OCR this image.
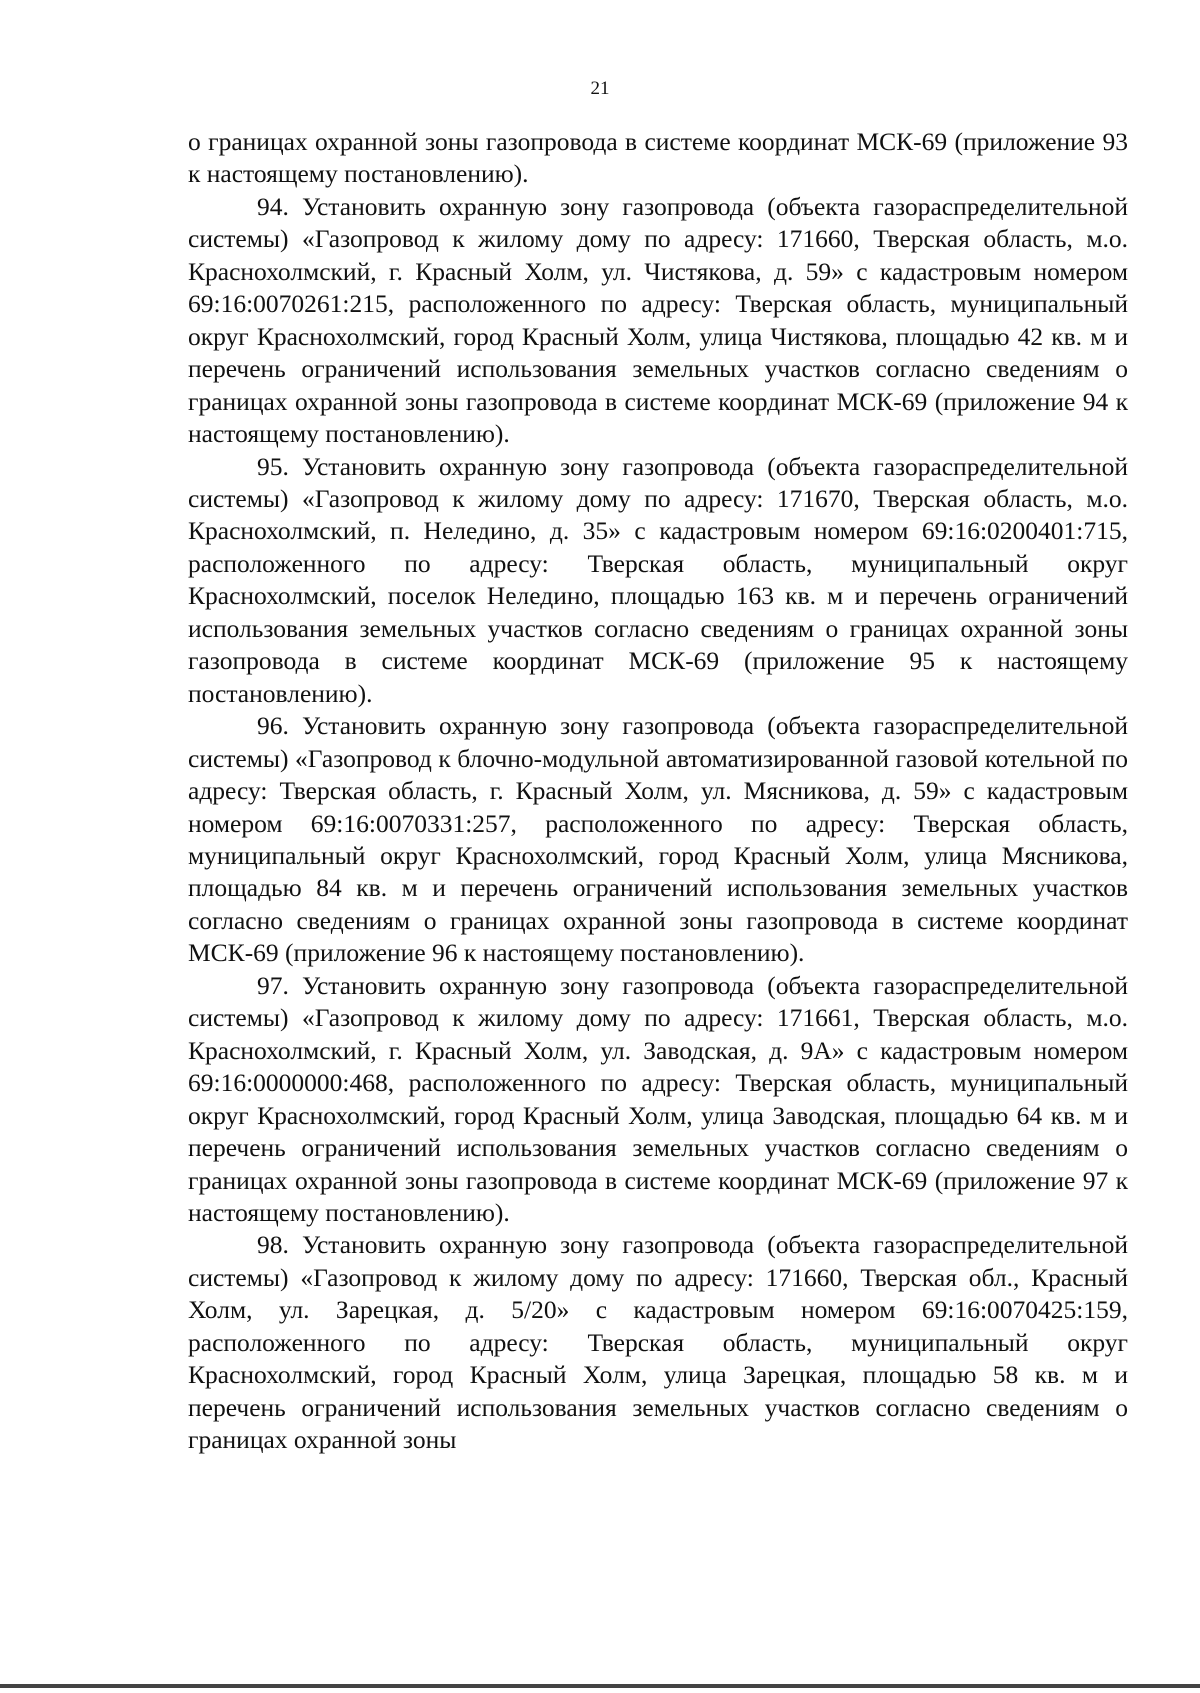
21

о границах охранной зоны газопровода в системе координат МСК-69 (приложение 93 к настоящему постановлению).

94. Установить охранную зону газопровода (объекта газораспределительной системы) «Газопровод к жилому дому по адресу: 171660, Тверская область, м.о. Краснохолмский, г. Красный Холм, ул. Чистякова, д. 59» с кадастровым номером 69:16:0070261:215, расположенного по адресу: Тверская область, муниципальный округ Краснохолмский, город Красный Холм, улица Чистякова, площадью 42 кв. м и перечень ограничений использования земельных участков согласно сведениям о границах охранной зоны газопровода в системе координат МСК-69 (приложение 94 к настоящему постановлению).

95. Установить охранную зону газопровода (объекта газораспределительной системы) «Газопровод к жилому дому по адресу: 171670, Тверская область, м.о. Краснохолмский, п. Неледино, д. 35» с кадастровым номером 69:16:0200401:715, расположенного по адресу: Тверская область, муниципальный округ Краснохолмский, поселок Неледино, площадью 163 кв. м и перечень ограничений использования земельных участков согласно сведениям о границах охранной зоны газопровода в системе координат МСК-69 (приложение 95 к настоящему постановлению).

96. Установить охранную зону газопровода (объекта газораспределительной системы) «Газопровод к блочно-модульной автоматизированной газовой котельной по адресу: Тверская область, г. Красный Холм, ул. Мясникова, д. 59» с кадастровым номером 69:16:0070331:257, расположенного по адресу: Тверская область, муниципальный округ Краснохолмский, город Красный Холм, улица Мясникова, площадью 84 кв. м и перечень ограничений использования земельных участков согласно сведениям о границах охранной зоны газопровода в системе координат МСК-69 (приложение 96 к настоящему постановлению).

97. Установить охранную зону газопровода (объекта газораспределительной системы) «Газопровод к жилому дому по адресу: 171661, Тверская область, м.о. Краснохолмский, г. Красный Холм, ул. Заводская, д. 9А» с кадастровым номером 69:16:0000000:468, расположенного по адресу: Тверская область, муниципальный округ Краснохолмский, город Красный Холм, улица Заводская, площадью 64 кв. м и перечень ограничений использования земельных участков согласно сведениям о границах охранной зоны газопровода в системе координат МСК-69 (приложение 97 к настоящему постановлению).

98. Установить охранную зону газопровода (объекта газораспределительной системы) «Газопровод к жилому дому по адресу: 171660, Тверская обл., Красный Холм, ул. Зарецкая, д. 5/20» с кадастровым номером 69:16:0070425:159, расположенного по адресу: Тверская область, муниципальный округ Краснохолмский, город Красный Холм, улица Зарецкая, площадью 58 кв. м и перечень ограничений использования земельных участков согласно сведениям о границах охранной зоны
